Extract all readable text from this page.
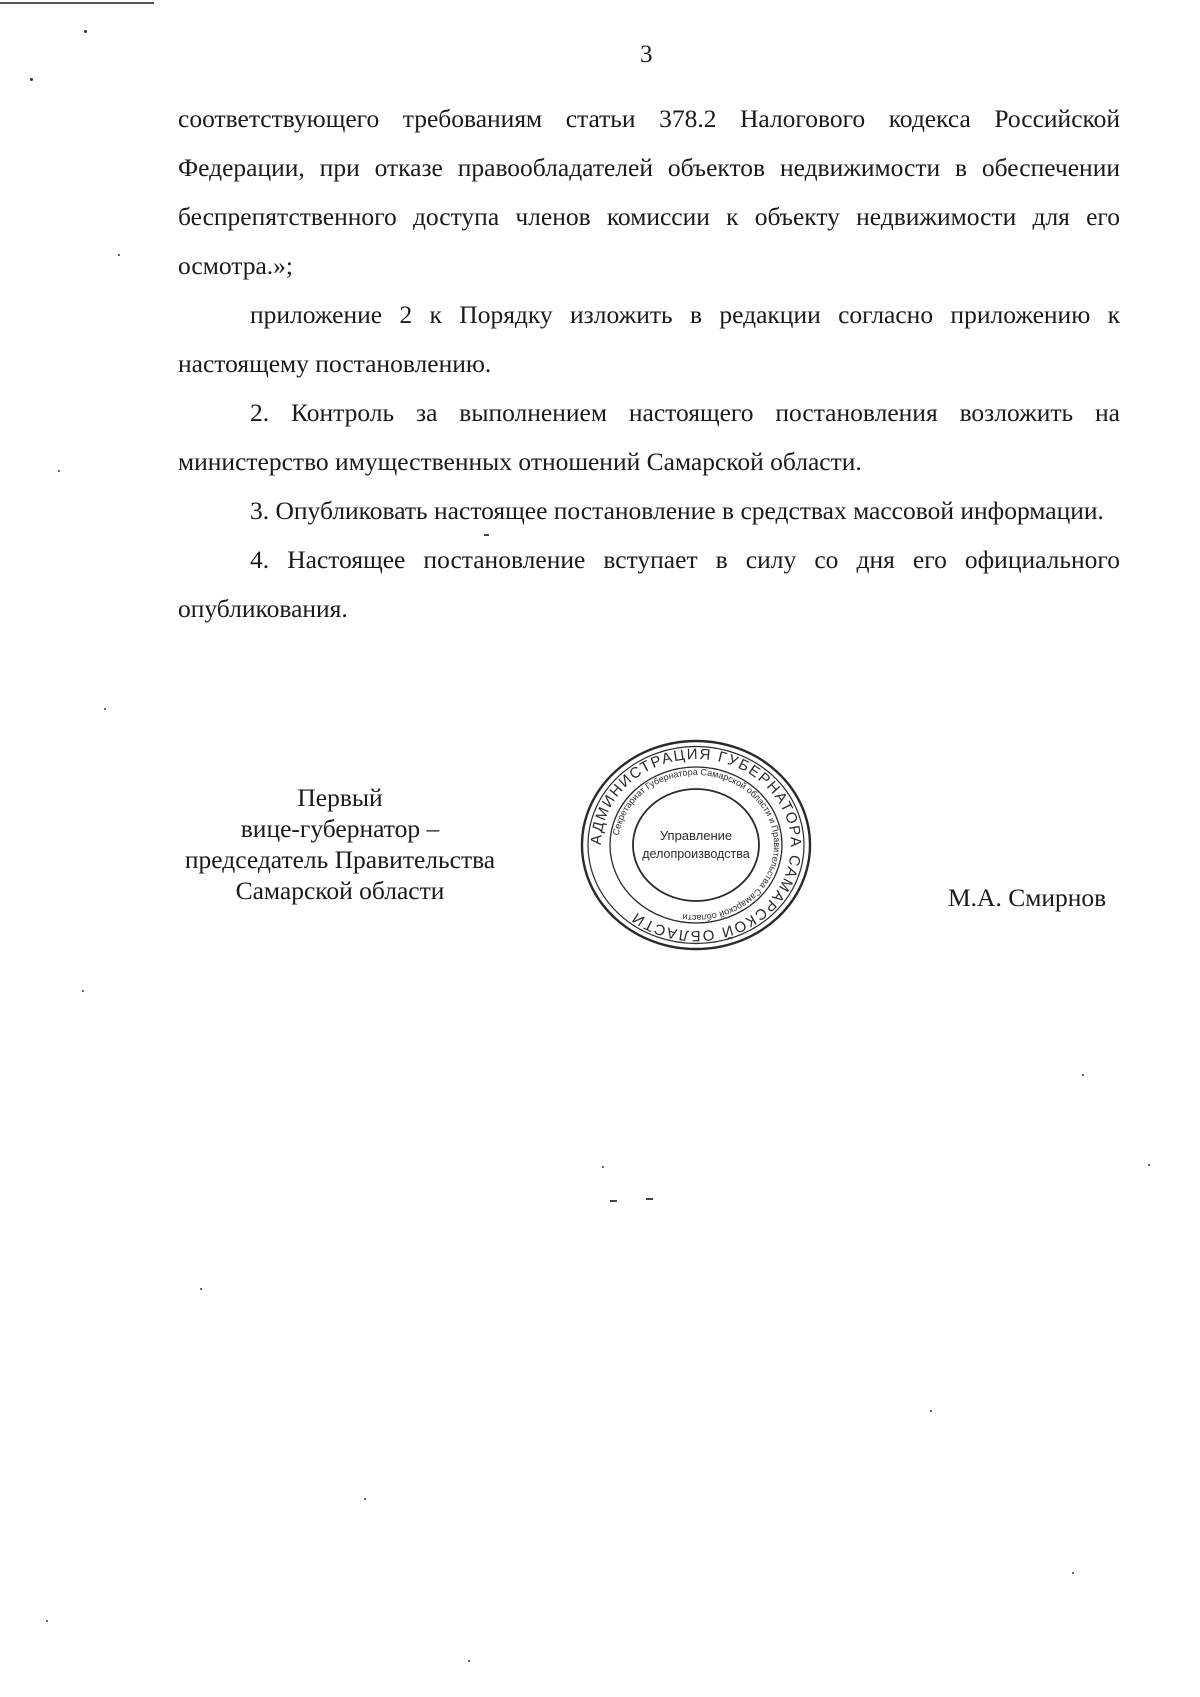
3

соответствующего требованиям статьи 378.2 Налогового кодекса Российской Федерации, при отказе правообладателей объектов недвижимости в обеспечении беспрепятственного доступа членов комиссии к объекту недвижимости для его осмотра.»;

приложение 2 к Порядку изложить в редакции согласно приложению к настоящему постановлению.

2. Контроль за выполнением настоящего постановления возложить на министерство имущественных отношений Самарской области.

3. Опубликовать настоящее постановление в средствах массовой информации.

4. Настоящее постановление вступает в силу со дня его официального опубликования.

Первый
вице-губернатор –
председатель Правительства
Самарской области
АДМИНИСТРАЦИЯ ГУБЕРНАТОРА САМАРСКОЙ ОБЛАСТИ
Секретариат Губернатора Самарской области и Правительства Самарской области
Управление
делопроизводства
М.А. Смирнов
